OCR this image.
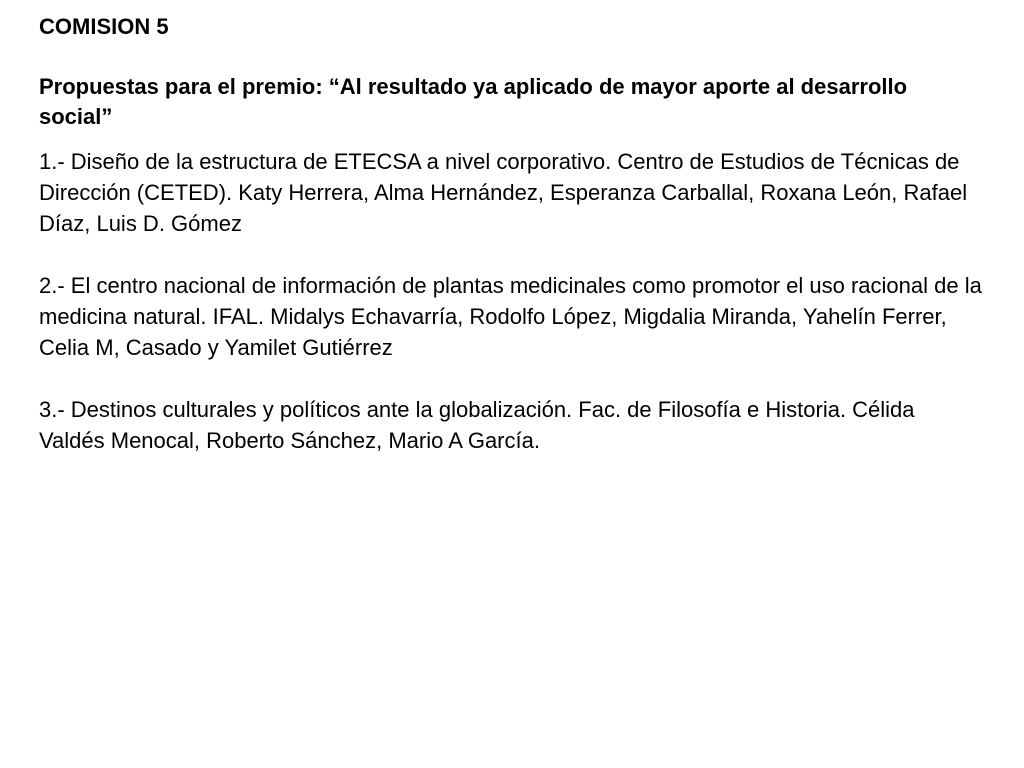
COMISION 5

Propuestas para el premio: “Al resultado ya aplicado de mayor aporte al desarrollo social”

1.- Diseño de la estructura de ETECSA a nivel corporativo. Centro de Estudios de Técnicas de Dirección (CETED). Katy Herrera, Alma Hernández, Esperanza Carballal, Roxana León, Rafael Díaz, Luis D. Gómez
2.- El centro nacional de información de plantas medicinales como promotor el uso racional de la medicina natural. IFAL. Midalys Echavarría, Rodolfo López, Migdalia Miranda, Yahelín Ferrer, Celia M, Casado y Yamilet Gutiérrez
3.- Destinos culturales y políticos ante la globalización. Fac. de Filosofía e Historia. Célida Valdés Menocal, Roberto Sánchez, Mario A García.
